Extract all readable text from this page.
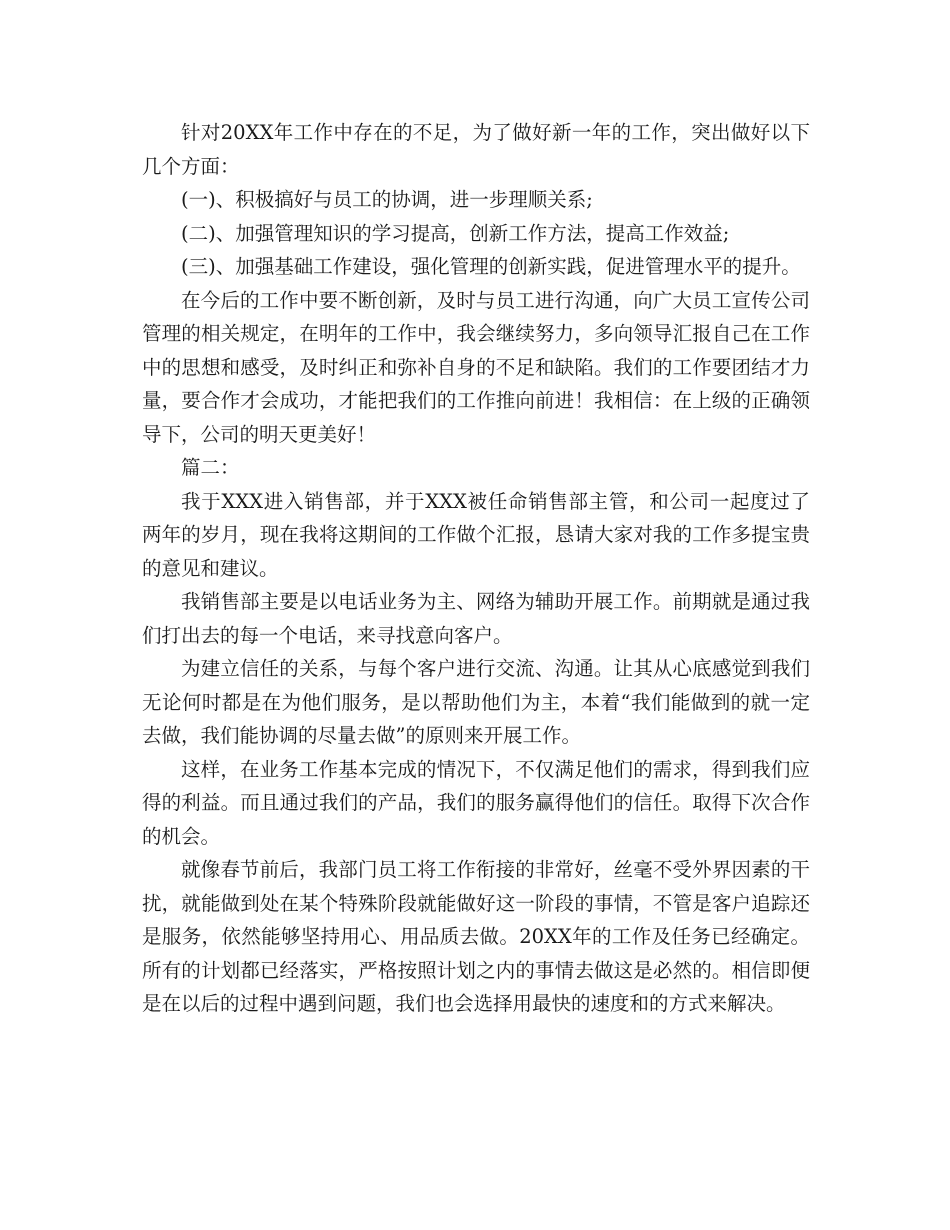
针对20XX年工作中存在的不足，为了做好新一年的工作，突出做好以下几个方面：

(一)、积极搞好与员工的协调，进一步理顺关系;

(二)、加强管理知识的学习提高，创新工作方法，提高工作效益;

(三)、加强基础工作建设，强化管理的创新实践，促进管理水平的提升。

在今后的工作中要不断创新，及时与员工进行沟通，向广大员工宣传公司管理的相关规定，在明年的工作中，我会继续努力，多向领导汇报自己在工作中的思想和感受，及时纠正和弥补自身的不足和缺陷。我们的工作要团结才力量，要合作才会成功，才能把我们的工作推向前进！我相信：在上级的正确领导下，公司的明天更美好！

篇二：

我于XXX进入销售部，并于XXX被任命销售部主管，和公司一起度过了两年的岁月，现在我将这期间的工作做个汇报，恳请大家对我的工作多提宝贵的意见和建议。

我销售部主要是以电话业务为主、网络为辅助开展工作。前期就是通过我们打出去的每一个电话，来寻找意向客户。

为建立信任的关系，与每个客户进行交流、沟通。让其从心底感觉到我们无论何时都是在为他们服务，是以帮助他们为主，本着“我们能做到的就一定去做，我们能协调的尽量去做”的原则来开展工作。

这样，在业务工作基本完成的情况下，不仅满足他们的需求，得到我们应得的利益。而且通过我们的产品，我们的服务赢得他们的信任。取得下次合作的机会。

就像春节前后，我部门员工将工作衔接的非常好，丝毫不受外界因素的干扰，就能做到处在某个特殊阶段就能做好这一阶段的事情，不管是客户追踪还是服务，依然能够坚持用心、用品质去做。20XX年的工作及任务已经确定。所有的计划都已经落实，严格按照计划之内的事情去做这是必然的。相信即便是在以后的过程中遇到问题，我们也会选择用最快的速度和的方式来解决。
